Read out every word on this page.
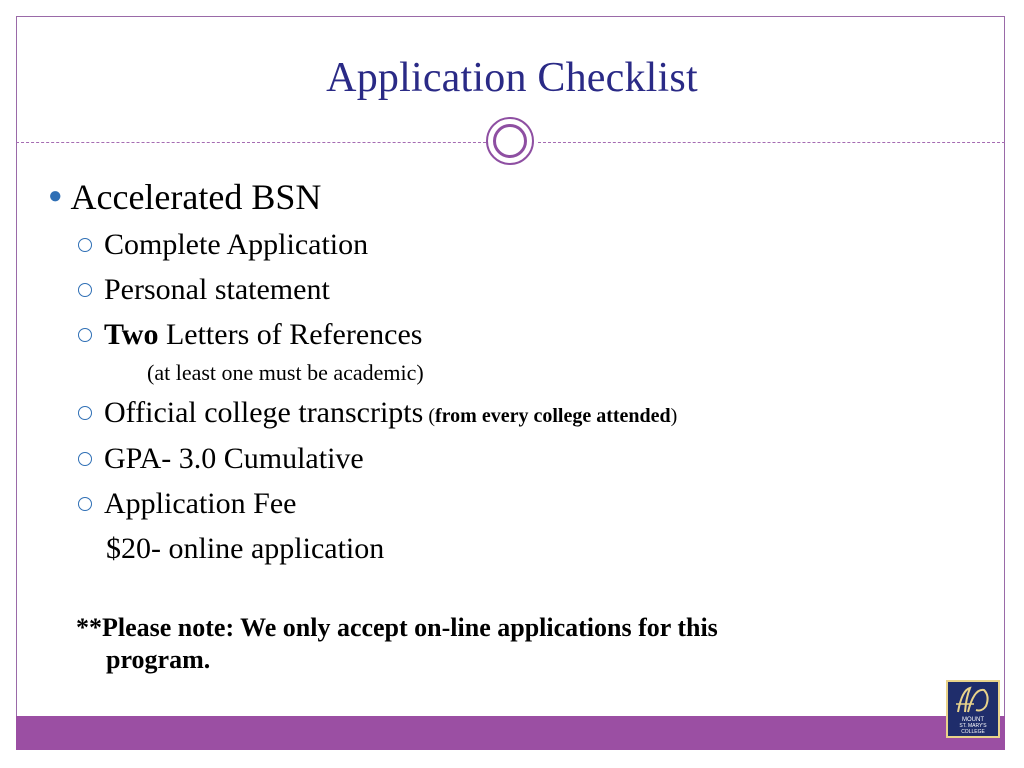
Application Checklist
● Accelerated BSN
Complete Application
Personal statement
Two Letters of References
(at least one must be academic)
Official college transcripts (from every college attended)
GPA- 3.0 Cumulative
Application Fee
$20- online application
**Please note: We only accept on-line applications for this
program.
MOUNT
ST. MARY'S
COLLEGE
